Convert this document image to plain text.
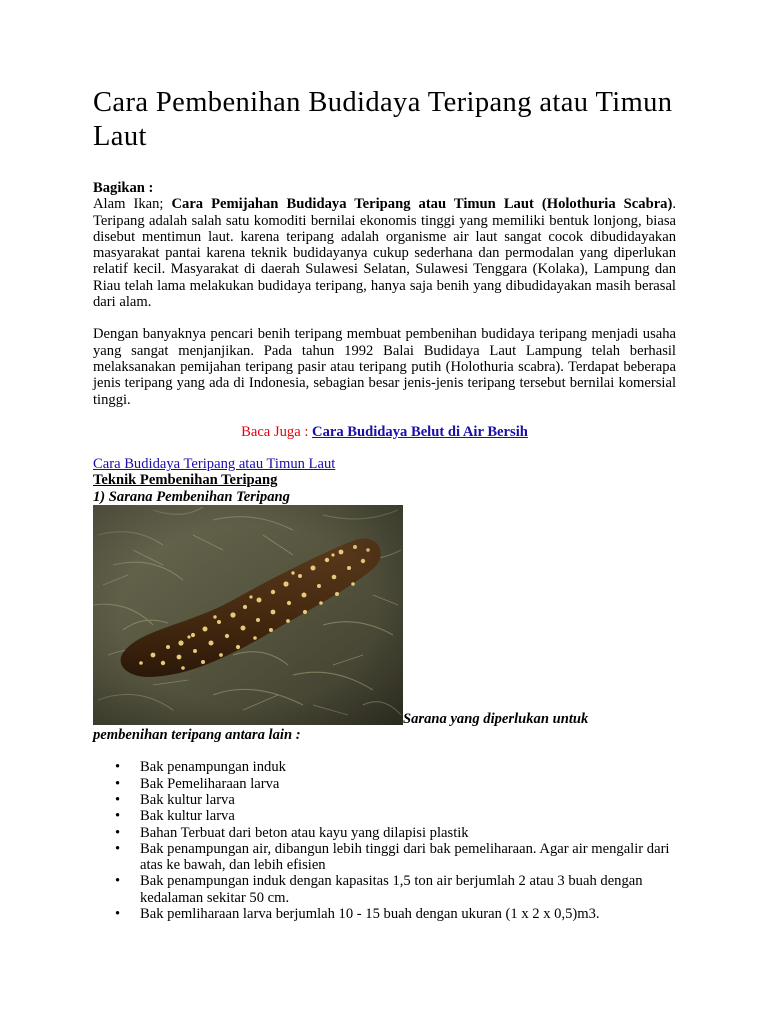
Cara Pembenihan Budidaya Teripang atau Timun Laut
Bagikan :

Alam Ikan; Cara Pemijahan Budidaya Teripang atau Timun Laut (Holothuria Scabra). Teripang adalah salah satu komoditi bernilai ekonomis tinggi yang memiliki bentuk lonjong, biasa disebut mentimun laut. karena teripang adalah organisme air laut sangat cocok dibudidayakan masyarakat pantai karena teknik budidayanya cukup sederhana dan permodalan yang diperlukan relatif kecil. Masyarakat di daerah Sulawesi Selatan, Sulawesi Tenggara (Kolaka), Lampung dan Riau telah lama melakukan budidaya teripang, hanya saja benih yang dibudidayakan masih berasal dari alam.

Dengan banyaknya pencari benih teripang membuat pembenihan budidaya teripang menjadi usaha yang sangat menjanjikan. Pada tahun 1992 Balai Budidaya Laut Lampung telah berhasil melaksanakan pemijahan teripang pasir atau teripang putih (Holothuria scabra). Terdapat beberapa jenis teripang yang ada di Indonesia, sebagian besar jenis-jenis teripang tersebut bernilai komersial tinggi.

Baca Juga : Cara Budidaya Belut di Air Bersih
Cara Budidaya Teripang atau Timun Laut
Teknik Pembenihan Teripang
1) Sarana Pembenihan Teripang
Sarana yang diperlukan untuk
pembenihan teripang antara lain :
• Bak penampungan induk
• Bak Pemeliharaan larva
• Bak kultur larva
• Bak kultur larva
• Bahan Terbuat dari beton atau kayu yang dilapisi plastik
• Bak penampungan air, dibangun lebih tinggi dari bak pemeliharaan. Agar air mengalir dari atas ke bawah, dan lebih efisien
• Bak penampungan induk dengan kapasitas 1,5 ton air berjumlah 2 atau 3 buah dengan kedalaman sekitar 50 cm.
• Bak pemliharaan larva berjumlah 10 - 15 buah dengan ukuran (1 x 2 x 0,5)m3.
